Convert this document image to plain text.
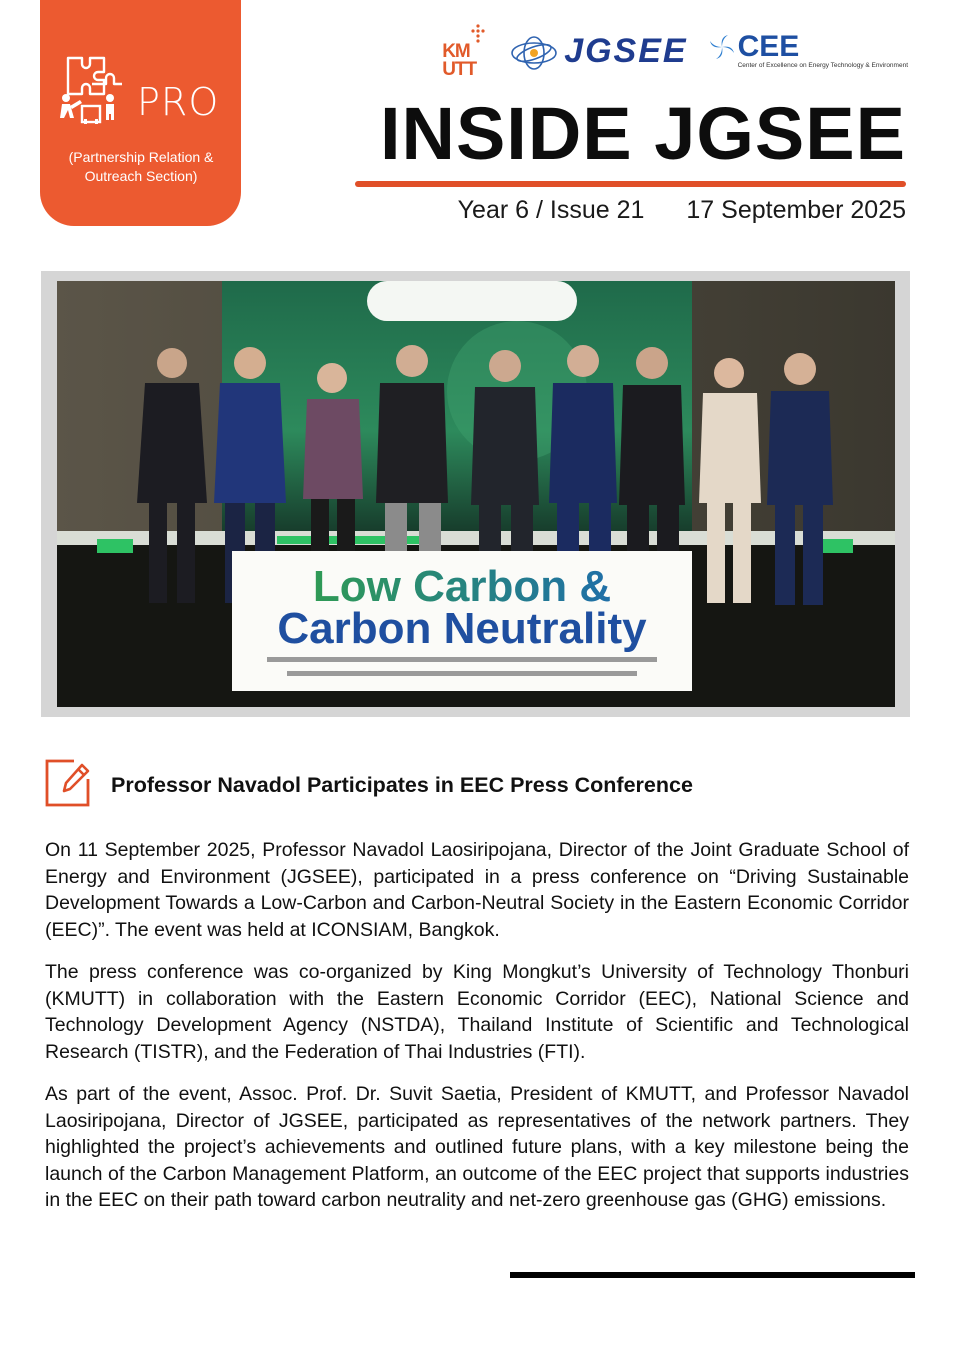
PRO
(Partnership Relation & Outreach Section)
KM
UTT	JGSEE CEE
Center of Excellence on Energy Technology & Environment
INSIDE JGSEE
Year 6 / Issue 21 17 September 2025
Low Carbon &
Carbon Neutrality
Professor Navadol Participates in EEC Press Conference

On 11 September 2025, Professor Navadol Laosiripojana, Director of the Joint Graduate School of Energy and Environment (JGSEE), participated in a press conference on “Driving Sustainable Development Towards a Low-Carbon and Carbon-Neutral Society in the Eastern Economic Corridor (EEC)”. The event was held at ICONSIAM, Bangkok.

The press conference was co-organized by King Mongkut’s University of Technology Thonburi (KMUTT) in collaboration with the Eastern Economic Corridor (EEC), National Science and Technology Development Agency (NSTDA), Thailand Institute of Scientific and Technological Research (TISTR), and the Federation of Thai Industries (FTI).

As part of the event, Assoc. Prof. Dr. Suvit Saetia, President of KMUTT, and Professor Navadol Laosiripojana, Director of JGSEE, participated as representatives of the network partners. They highlighted the project’s achievements and outlined future plans, with a key milestone being the launch of the Carbon Management Platform, an outcome of the EEC project that supports industries in the EEC on their path toward carbon neutrality and net-zero greenhouse gas (GHG) emissions.
